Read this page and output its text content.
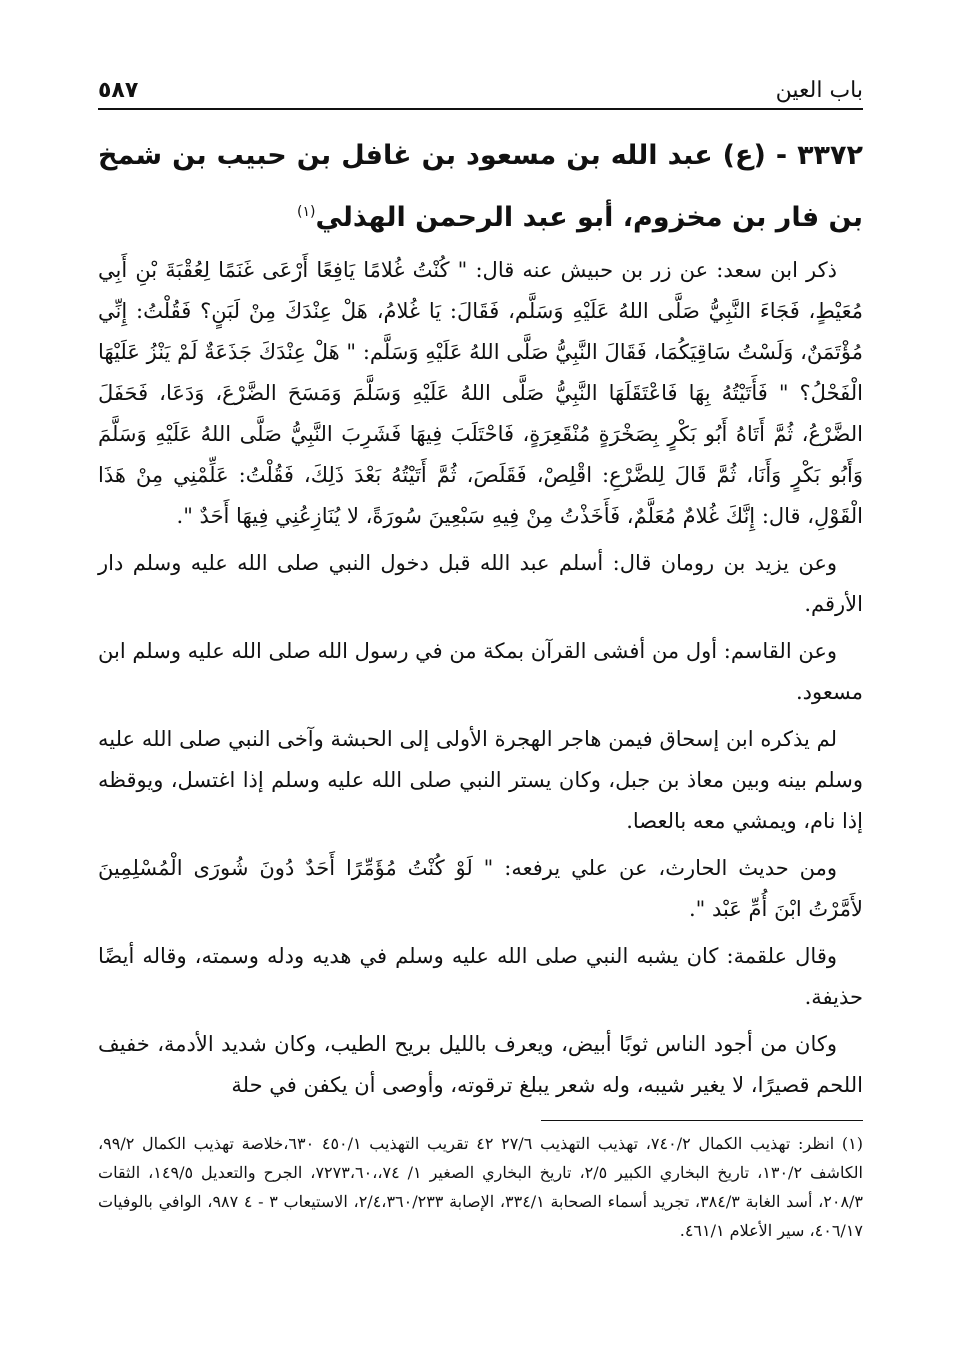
باب العين
٥٨٧
٣٣٧٢ - (ع) عبد الله بن مسعود بن غافل بن حبيب بن شمخ بن فار بن مخزوم، أبو عبد الرحمن الهذلي$^{(١)}$

ذكر ابن سعد: عن زر بن حبيش عنه قال: " كُنْتُ غُلامًا يَافِعًا أَرْعَى غَنَمًا لِعُقْبَةَ بْنِ أَبِي مُعَيْطٍ، فَجَاءَ النَّبِيُّ صَلَّى اللهُ عَلَيْهِ وَسَلَّم، فَقَالَ: يَا غُلامُ، هَلْ عِنْدَكَ مِنْ لَبَنٍ؟ فَقُلْتُ: إِنِّي مُؤْتَمَنٌ، وَلَسْتُ سَاقِيَكُمَا، فَقَالَ النَّبِيُّ صَلَّى اللهُ عَلَيْهِ وَسَلَّم: " هَلْ عِنْدَكَ جَذَعَةٌ لَمْ يَنْزُ عَلَيْهَا الْفَحْلُ؟ " فَأَتَيْتُهُ بِهَا فَاعْتَقَلَهَا النَّبِيُّ صَلَّى اللهُ عَلَيْهِ وَسَلَّمَ وَمَسَحَ الضَّرْعَ، وَدَعَا، فَحَفَلَ الضَّرْعُ، ثُمَّ أَتَاهُ أَبُو بَكْرٍ بِصَخْرَةٍ مُنْقَعِرَةٍ، فَاحْتَلَبَ فِيهَا فَشَرِبَ النَّبِيُّ صَلَّى اللهُ عَلَيْهِ وَسَلَّمَ وَأَبُو بَكْرٍ وَأَنَا، ثُمَّ قَالَ لِلضَّرْعِ: اقْلِصْ، فَقَلَصَ، ثُمَّ أَتَيْتُهُ بَعْدَ ذَلِكَ، فَقُلْتُ: عَلِّمْنِي مِنْ هَذَا الْقَوْلِ، قال: إِنَّكَ غُلامٌ مُعَلَّمٌ، فَأَخَذْتُ مِنْ فِيهِ سَبْعِينَ سُورَةً، لا يُنَازِعُنِي فِيهَا أَحَدٌ ".

وعن يزيد بن رومان قال: أسلم عبد الله قبل دخول النبي صلى الله عليه وسلم دار الأرقم.

وعن القاسم: أول من أفشى القرآن بمكة من في رسول الله صلى الله عليه وسلم ابن مسعود.

لم يذكره ابن إسحاق فيمن هاجر الهجرة الأولى إلى الحبشة وآخى النبي صلى الله عليه وسلم بينه وبين معاذ بن جبل، وكان يستر النبي صلى الله عليه وسلم إذا اغتسل، ويوقظه إذا نام، ويمشي معه بالعصا.

ومن حديث الحارث، عن علي يرفعه: " لَوْ كُنْتُ مُؤَمِّرًا أَحَدٌ دُونَ شُورَى الْمُسْلِمِينَ لأَمَّرْتُ ابْنَ أُمِّ عَبْد ".

وقال علقمة: كان يشبه النبي صلى الله عليه وسلم في هديه ودله وسمته، وقاله أيضًا حذيفة.

وكان من أجود الناس ثوبًا أبيض، ويعرف بالليل بريح الطيب، وكان شديد الأدمة، خفيف اللحم قصيرًا، لا يغير شيبه، وله شعر يبلغ ترقوته، وأوصى أن يكفن في حلة

(١) انظر: تهذيب الكمال ٧٤٠/٢، تهذيب التهذيب ٢٧/٦ ٤٢ تقريب التهذيب ٤٥٠/١ ٦٣٠،خلاصة تهذيب الكمال ٩٩/٢، الكاشف ١٣٠/٢، تاريخ البخاري الكبير ٢/٥، تاريخ البخاري الصغير ١/ ٧٤،،٧٢٧٣،٦٠، الجرح والتعديل ١٤٩/٥، الثقات ٢٠٨/٣، أسد الغابة ٣٨٤/٣، تجريد أسماء الصحابة ٣٣٤/١، الإصابة ٢/٤،٣٦٠/٢٣٣، الاستيعاب ٣ - ٤ ٩٨٧، الوافي بالوفيات ٤٠٦/١٧، سير الأعلام ٤٦١/١.
